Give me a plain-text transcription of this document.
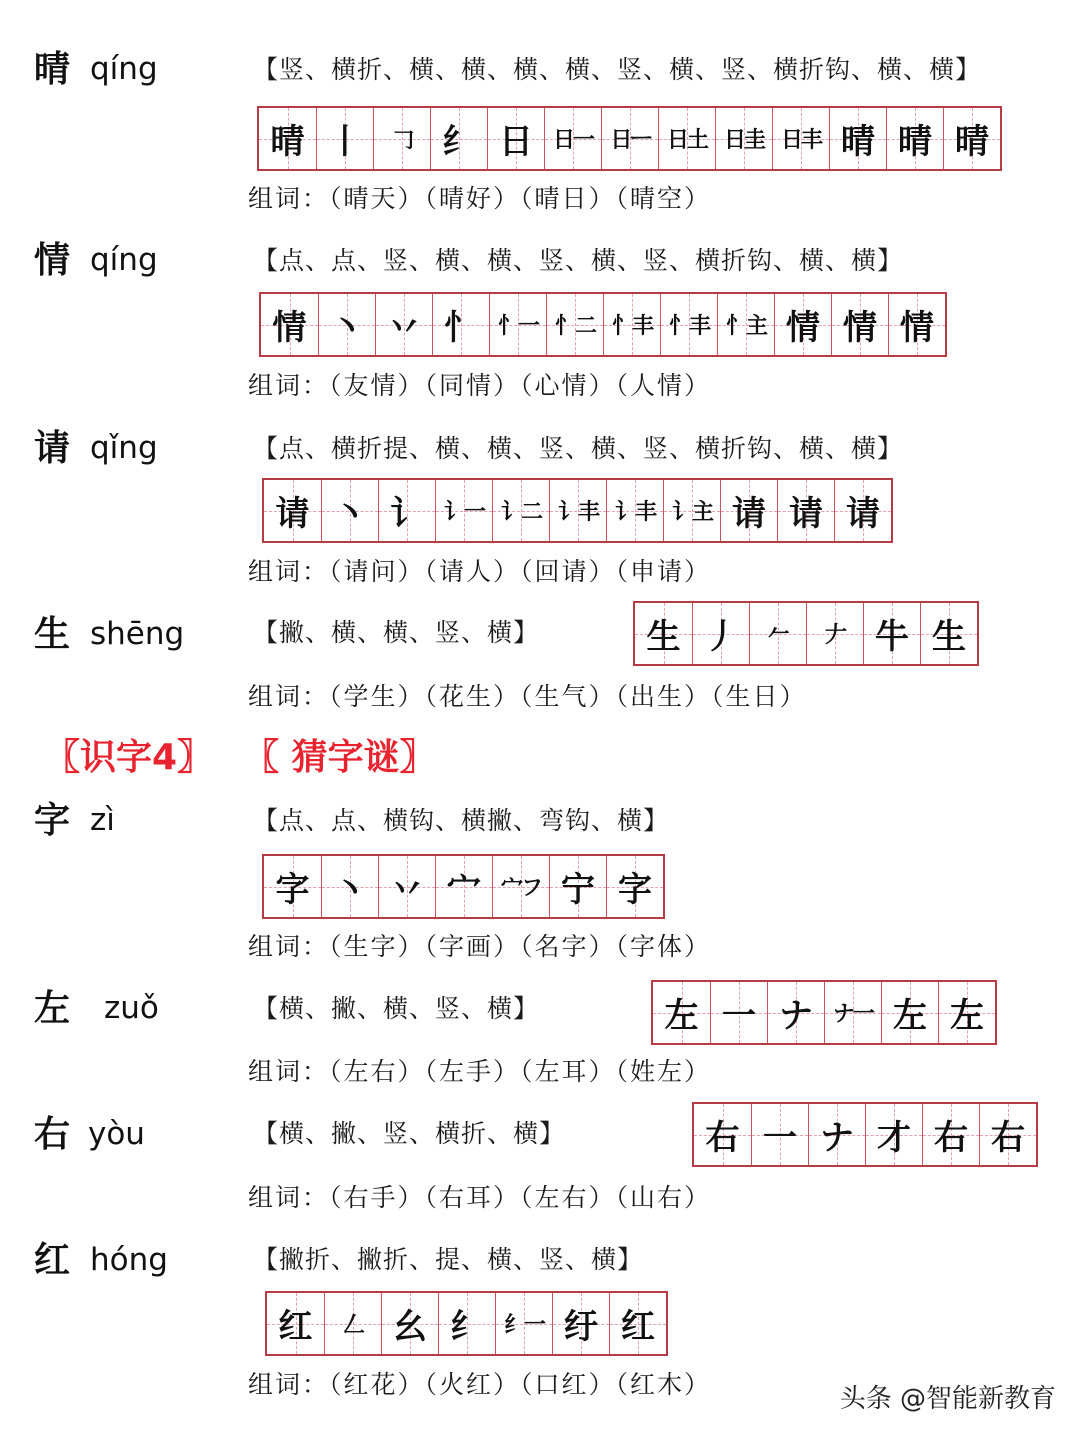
晴 qíng	【竖、横折、横、横、横、横、竖、横、竖、横折钩、横、横】
晴 丨 𠃌 ⺰ 日 日一 日ㅡ 日土 日圭 日丰 晴 晴 晴
组词：（晴天）（晴好）（晴日）（晴空）
情 qíng	【点、点、竖、横、横、竖、横、竖、横折钩、横、横】
情 丶 丷 忄 忄一 忄二 忄丰 忄丰 忄主 情 情 情
组词：（友情）（同情）（心情）（人情）
请 qǐng	【点、横折提、横、横、竖、横、竖、横折钩、横、横】
请 丶 讠 讠一 讠二 讠丰 讠丰 讠主 请 请 请
组词：（请问）（请人）（回请）（申请）
生 shēng	【撇、横、横、竖、横】	生 丿 𠂉 𠂇 牛 生
组词：（学生）（花生）（生气）（出生）（生日）
〖识字4〗 〖 猜字谜〗
字 zì	【点、点、横钩、横撇、弯钩、横】
字 丶 丷 宀 宀フ 宁 字
组词：（生字）（字画）（名字）（字体）
左 zuǒ	【横、撇、横、竖、横】	左 一 ナ ナ一 左 左
组词：（左右）（左手）（左耳）（姓左）
右 yòu	【横、撇、竖、横折、横】	右 一 ナ 才 右 右
组词：（右手）（右耳）（左右）（山右）
红 hóng	【撇折、撇折、提、横、竖、横】
红 𠃋 幺 纟 纟一 纡 红
组词：（红花）（火红）（口红）（红木）	头条 @智能新教育
